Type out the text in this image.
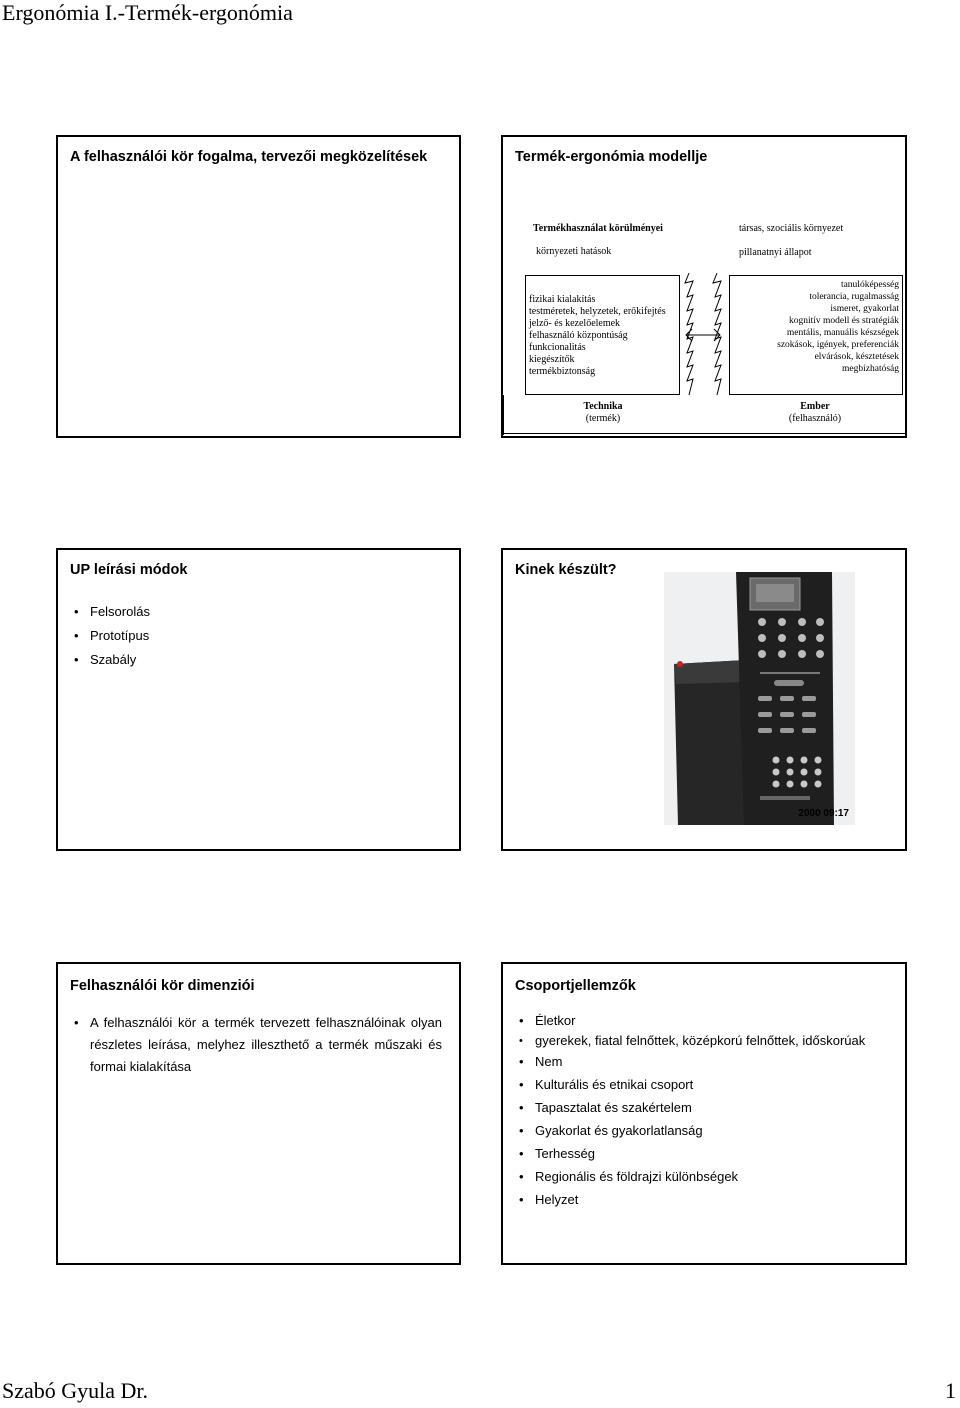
Ergonómia I.-Termék-ergonómia
A felhasználói kör fogalma, tervezői megközelítések	Termék-ergonómia modellje
Termékhasználat körülményei
környezeti hatások
társas, szociális környezet
pillanatnyi állapot
fizikai kialakítás
testméretek, helyzetek, erőkifejtés
jelző- és kezelőelemek
felhasználó központúság
funkcionalitás
kiegészítők
termékbiztonság
tanulóképesség
tolerancia, rugalmasság
ismeret, gyakorlat
kognitív modell és stratégiák
mentális, manuális készségek
szokások, igények, preferenciák
elvárások, késztetések
megbízhatóság
Technika
(termék)
Ember
(felhasználó)
UP leírási módok
• Felsorolás
• Prototípus
• Szabály
Kinek készült?
2000 09:17
Felhasználói kör dimenziói
• A felhasználói kör a termék tervezett felhasználóinak olyan részletes leírása, melyhez illeszthető a termék műszaki és formai kialakítása
Csoportjellemzők
• Életkor
• gyerekek, fiatal felnőttek, középkorú felnőttek, időskorúak
• Nem
• Kulturális és etnikai csoport
• Tapasztalat és szakértelem
• Gyakorlat és gyakorlatlanság
• Terhesség
• Regionális és földrajzi különbségek
• Helyzet
Szabó Gyula Dr.	1
